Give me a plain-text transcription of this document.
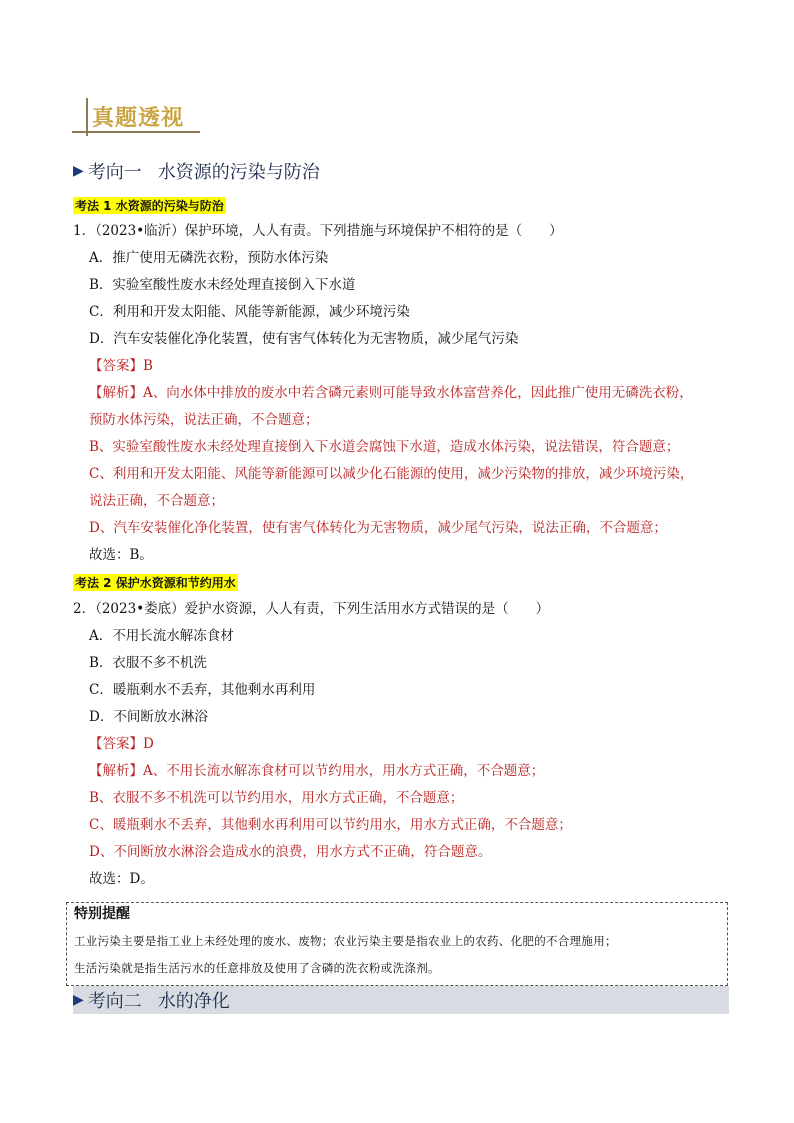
真题透视
▶ 考向一 水资源的污染与防治
考法 1 水资源的污染与防治
1．（2023•临沂）保护环境，人人有责。下列措施与环境保护不相符的是（　　）
A．推广使用无磷洗衣粉，预防水体污染
B．实验室酸性废水未经处理直接倒入下水道
C．利用和开发太阳能、风能等新能源，减少环境污染
D．汽车安装催化净化装置，使有害气体转化为无害物质，减少尾气污染
【答案】B
【解析】A、向水体中排放的废水中若含磷元素则可能导致水体富营养化，因此推广使用无磷洗衣粉，
预防水体污染，说法正确，不合题意；
B、实验室酸性废水未经处理直接倒入下水道会腐蚀下水道，造成水体污染，说法错误，符合题意；
C、利用和开发太阳能、风能等新能源可以减少化石能源的使用，减少污染物的排放，减少环境污染，
说法正确，不合题意；
D、汽车安装催化净化装置，使有害气体转化为无害物质，减少尾气污染，说法正确，不合题意；
故选：B。
考法 2 保护水资源和节约用水
2．（2023•娄底）爱护水资源，人人有责，下列生活用水方式错误的是（　　）
A．不用长流水解冻食材
B．衣服不多不机洗
C．暖瓶剩水不丢弃，其他剩水再利用
D．不间断放水淋浴
【答案】D
【解析】A、不用长流水解冻食材可以节约用水，用水方式正确，不合题意；
B、衣服不多不机洗可以节约用水，用水方式正确，不合题意；
C、暖瓶剩水不丢弃，其他剩水再利用可以节约用水，用水方式正确，不合题意；
D、不间断放水淋浴会造成水的浪费，用水方式不正确，符合题意。
故选：D。
特别提醒
工业污染主要是指工业上未经处理的废水、废物；农业污染主要是指农业上的农药、化肥的不合理施用；
生活污染就是指生活污水的任意排放及使用了含磷的洗衣粉或洗涤剂。
▶ 考向二 水的净化
